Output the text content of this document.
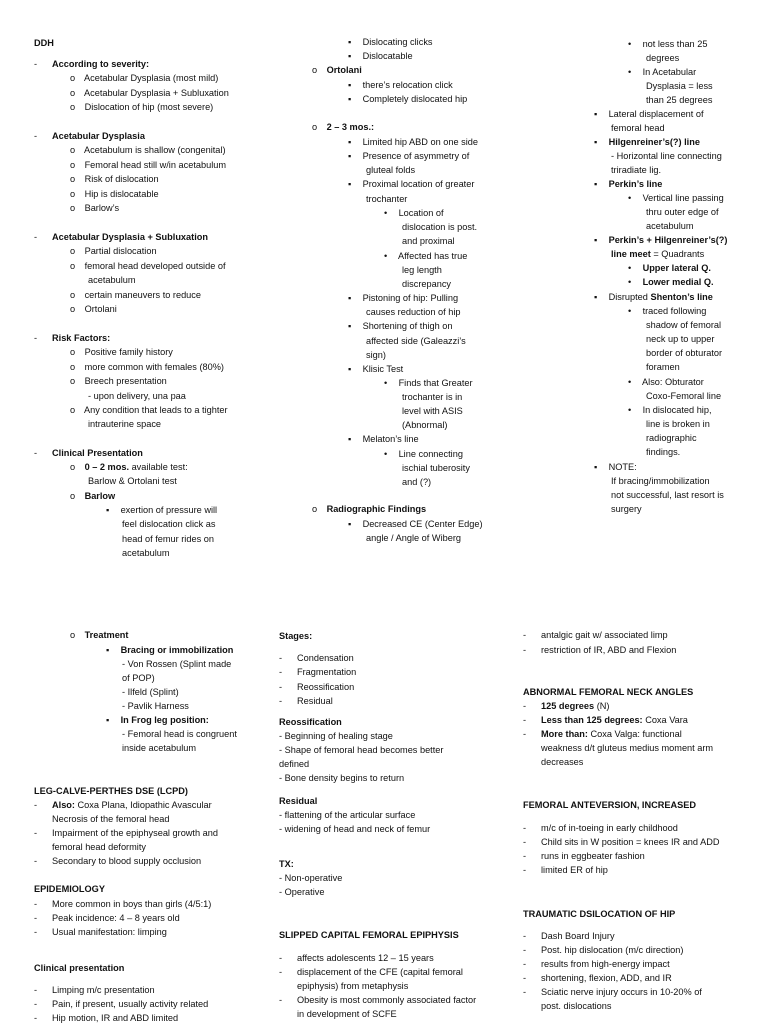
DDH
- According to severity:
o Acetabular Dysplasia (most mild)
o Acetabular Dysplasia + Subluxation
o Dislocation of hip (most severe)
- Acetabular Dysplasia
o Acetabulum is shallow (congenital)
o Femoral head still w/in acetabulum
o Risk of dislocation
o Hip is dislocatable
o Barlow’s
- Acetabular Dysplasia + Subluxation
o Partial dislocation
o femoral head developed outside of
acetabulum
o certain maneuvers to reduce
o Ortolani
- Risk Factors:
o Positive family history
o more common with females (80%)
o Breech presentation
- upon delivery, una paa
o Any condition that leads to a tighter
intrauterine space
- Clinical Presentation
o 0 – 2 mos. available test:
Barlow & Ortolani test
o Barlow
▪ exertion of pressure will
feel dislocation click as
head of femur rides on
acetabulum
▪ Dislocating clicks
▪ Dislocatable
o Ortolani
▪ there’s relocation click
▪ Completely dislocated hip
o 2 – 3 mos.:
▪ Limited hip ABD on one side
▪ Presence of asymmetry of
gluteal folds
▪ Proximal location of greater
trochanter
• Location of
dislocation is post.
and proximal
• Affected has true
leg length
discrepancy
▪ Pistoning of hip: Pulling
causes reduction of hip
▪ Shortening of thigh on
affected side (Galeazzi’s
sign)
▪ Klisic Test
• Finds that Greater
trochanter is in
level with ASIS
(Abnormal)
▪ Melaton’s line
• Line connecting
ischial tuberosity
and (?)
o Radiographic Findings
▪ Decreased CE (Center Edge)
angle / Angle of Wiberg
• not less than 25
degrees
• In Acetabular
Dysplasia = less
than 25 degrees
▪ Lateral displacement of
femoral head
▪ Hilgenreiner’s(?) line
- Horizontal line connecting
triradiate lig.
▪ Perkin’s line
• Vertical line passing
thru outer edge of
acetabulum
▪ Perkin’s + Hilgenreiner’s(?)
line meet = Quadrants
• Upper lateral Q.
• Lower medial Q.
▪ Disrupted Shenton’s line
• traced following
shadow of femoral
neck up to upper
border of obturator
foramen
• Also: Obturator
Coxo-Femoral line
• In dislocated hip,
line is broken in
radiographic
findings.
▪ NOTE:
If bracing/immobilization
not successful, last resort is
surgery
o Treatment
▪ Bracing or immobilization
- Von Rossen (Splint made
of POP)
- Ilfeld (Splint)
- Pavlik Harness
▪ In Frog leg position:
- Femoral head is congruent
inside acetabulum
LEG-CALVE-PERTHES DSE (LCPD)
- Also: Coxa Plana, Idiopathic Avascular
Necrosis of the femoral head
- Impairment of the epiphyseal growth and
femoral head deformity
- Secondary to blood supply occlusion
EPIDEMIOLOGY
- More common in boys than girls (4/5:1)
- Peak incidence: 4 – 8 years old
- Usual manifestation: limping
Clinical presentation
- Limping m/c presentation
- Pain, if present, usually activity related
- Hip motion, IR and ABD limited
Stages:
- Condensation
- Fragmentation
- Reossification
- Residual
Reossification
- Beginning of healing stage
- Shape of femoral head becomes better
defined
- Bone density begins to return
Residual
- flattening of the articular surface
- widening of head and neck of femur
TX:
- Non-operative
- Operative
SLIPPED CAPITAL FEMORAL EPIPHYSIS
- affects adolescents 12 – 15 years
- displacement of the CFE (capital femoral
epiphysis) from metaphysis
- Obesity is most commonly associated factor
in development of SCFE
- antalgic gait w/ associated limp
- restriction of IR, ABD and Flexion
ABNORMAL FEMORAL NECK ANGLES
- 125 degrees (N)
- Less than 125 degrees: Coxa Vara
- More than: Coxa Valga: functional
weakness d/t gluteus medius moment arm
decreases
FEMORAL ANTEVERSION, INCREASED
- m/c of in-toeing in early childhood
- Child sits in W position = knees IR and ADD
- runs in eggbeater fashion
- limited ER of hip
TRAUMATIC DSILOCATION OF HIP
- Dash Board Injury
- Post. hip dislocation (m/c direction)
- results from high-energy impact
- shortening, flexion, ADD, and IR
- Sciatic nerve injury occurs in 10-20% of
post. dislocations
